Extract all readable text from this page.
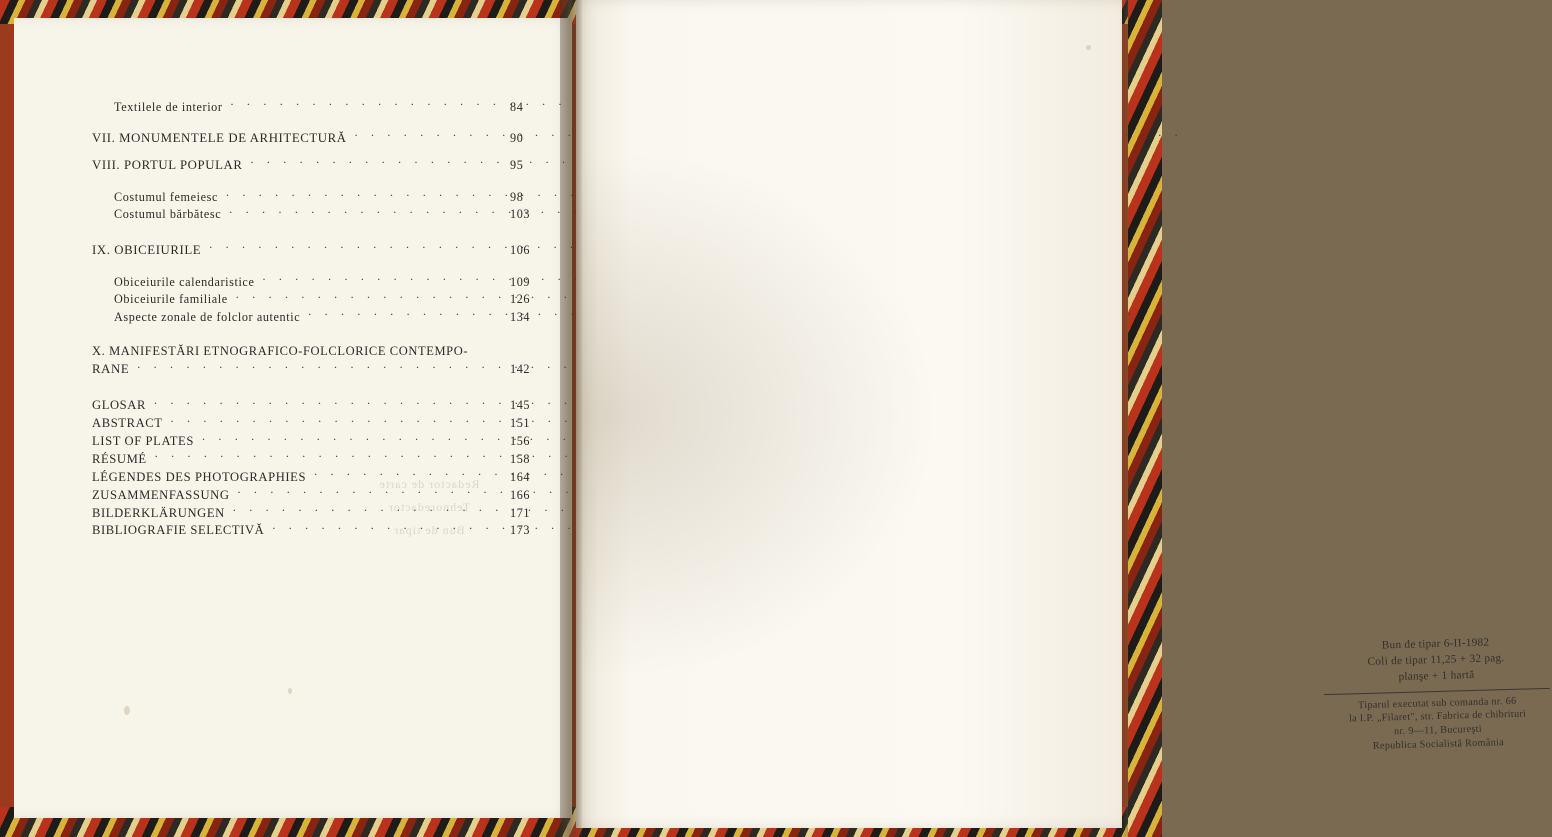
Textilele de interior . . .	84
VII. MONUMENTELE DE ARHITECTURĂ . . .	90
VIII. PORTUL POPULAR . . .	95
Costumul femeiesc . . .	98
Costumul bărbătesc . . .	103
IX. OBICEIURILE . . .	106
Obiceiurile calendaristice . . .	109
Obiceiurile familiale . . .	126
Aspecte zonale de folclor autentic . . .	134
X. MANIFESTĂRI ETNOGRAFICO-FOLCLORICE CONTEMPO-
RANE . . .	142
GLOSAR . . .	145
ABSTRACT . . .	151
LIST OF PLATES . . .	156
RÉSUMÉ . . .	158
LÉGENDES DES PHOTOGRAPHIES . . .	164
ZUSAMMENFASSUNG . . .	166
BILDERKLÄRUNGEN . . .	171
BIBLIOGRAFIE SELECTIVĂ . . .	173
Redactor de carte
Tehnoredactor
Bun de tipar
Bun de tipar 6-II-1982
Coli de tipar 11,25 + 32 pag.
planşe + 1 hartă
Tiparul executat sub comanda nr. 66
la I.P. „Filaret", str. Fabrica de chibrituri
nr. 9—11, Bucureşti
Republica Socialistă România
